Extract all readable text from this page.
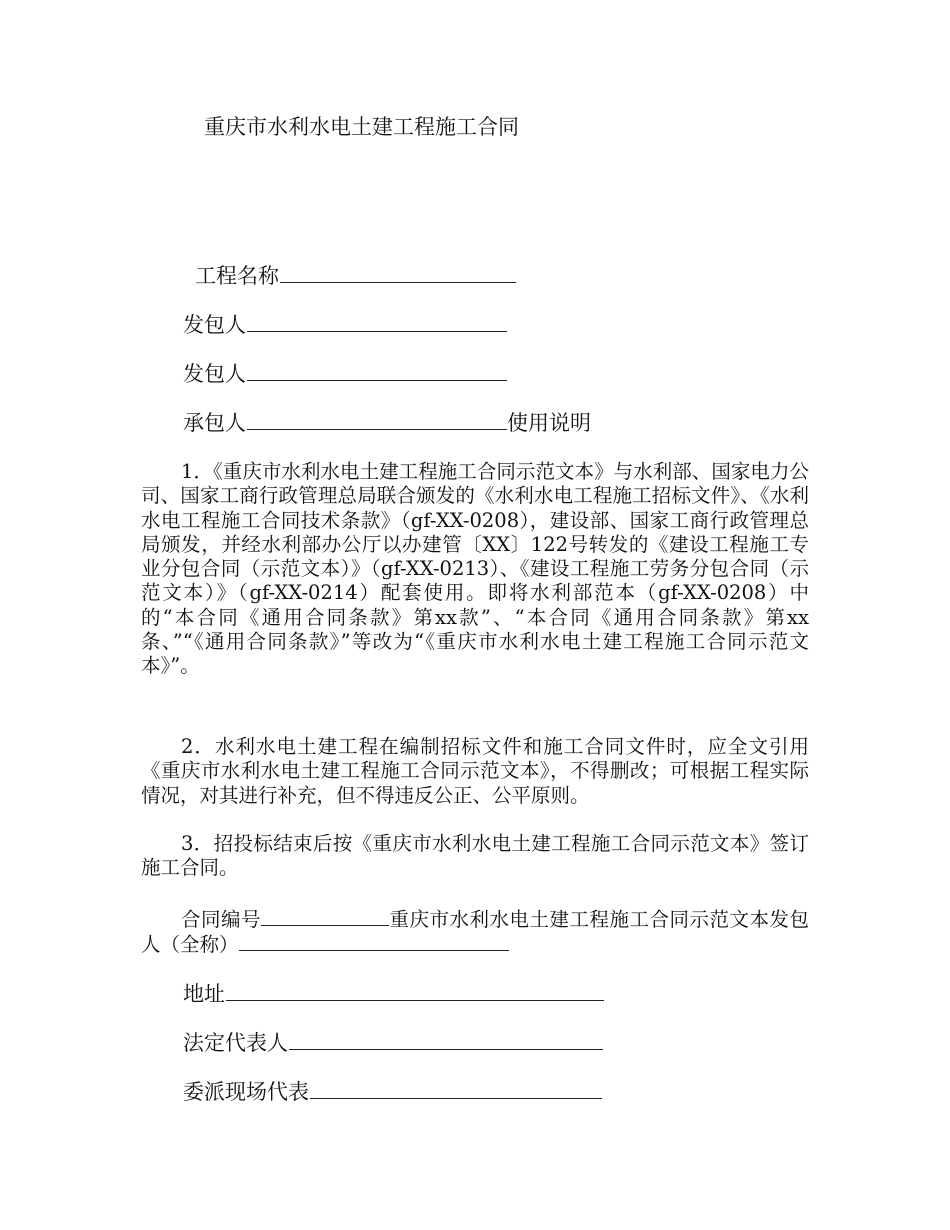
重庆市水利水电土建工程施工合同
工程名称
发包人
发包人
承包人	使用说明
1．《重庆市水利水电土建工程施工合同示范文本》与水利部、国家电力公司、国家工商行政管理总局联合颁发的《水利水电工程施工招标文件》、《水利水电工程施工合同技术条款》（gf-XX-0208），建设部、国家工商行政管理总局颁发，并经水利部办公厅以办建管〔XX〕122号转发的《建设工程施工专业分包合同（示范文本）》（gf-XX-0213）、《建设工程施工劳务分包合同（示范文本）》（gf-XX-0214）配套使用。即将水利部范本（gf-XX-0208）中的“本合同《通用合同条款》第xx款”、“本合同《通用合同条款》第xx条、”“《通用合同条款》”等改为“《重庆市水利水电土建工程施工合同示范文本》”。
2．水利水电土建工程在编制招标文件和施工合同文件时，应全文引用《重庆市水利水电土建工程施工合同示范文本》，不得删改；可根据工程实际情况，对其进行补充，但不得违反公正、公平原则。
3．招投标结束后按《重庆市水利水电土建工程施工合同示范文本》签订施工合同。
合同编号	重庆市水利水电土建工程施工合同示范文本发包人（全称）
地址
法定代表人
委派现场代表
